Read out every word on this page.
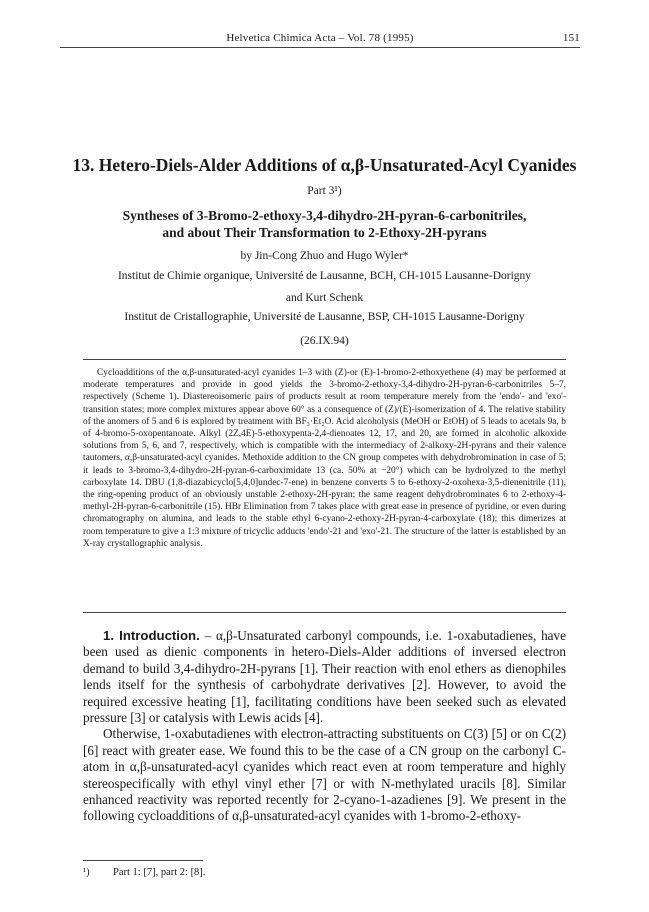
Helvetica Chimica Acta – Vol. 78 (1995)	151
13. Hetero-Diels-Alder Additions of α,β-Unsaturated-Acyl Cyanides
Part 3¹)
Syntheses of 3-Bromo-2-ethoxy-3,4-dihydro-2H-pyran-6-carbonitriles,
and about Their Transformation to 2-Ethoxy-2H-pyrans
by Jin-Cong Zhuo and Hugo Wyler*
Institut de Chimie organique, Université de Lausanne, BCH, CH-1015 Lausanne-Dorigny
and Kurt Schenk
Institut de Cristallographie, Université de Lausanne, BSP, CH-1015 Lausanne-Dorigny
(26.IX.94)
Cycloadditions of the α,β-unsaturated-acyl cyanides 1–3 with (Z)-or (E)-1-bromo-2-ethoxyethene (4) may be performed at moderate temperatures and provide in good yields the 3-bromo-2-ethoxy-3,4-dihydro-2H-pyran-6-carbonitriles 5–7, respectively (Scheme 1). Diastereoisomeric pairs of products result at room temperature merely from the 'endo'- and 'exo'-transition states; more complex mixtures appear above 60° as a consequence of (Z)/(E)-isomerization of 4. The relative stability of the anomers of 5 and 6 is explored by treatment with BF₃·Et₂O. Acid alcoholysis (MeOH or EtOH) of 5 leads to acetals 9a, b of 4-bromo-5-oxopentanoate. Alkyl (2Z,4E)-5-ethoxypenta-2,4-dienoates 12, 17, and 20, are formed in alcoholic alkoxide solutions from 5, 6, and 7, respectively, which is compatible with the intermediacy of 2-alkoxy-2H-pyrans and their valence tautomers, α,β-unsaturated-acyl cyanides. Methoxide addition to the CN group competes with dehydrobromination in case of 5; it leads to 3-bromo-3,4-dihydro-2H-pyran-6-carboximidate 13 (ca. 50% at −20°) which can be hydrolyzed to the methyl carboxylate 14. DBU (1,8-diazabicyclo[5,4,0]undec-7-ene) in benzene converts 5 to 6-ethoxy-2-oxohexa-3,5-dienenitrile (11), the ring-opening product of an obviously unstable 2-ethoxy-2H-pyran; the same reagent dehydrobrominates 6 to 2-ethoxy-4-methyl-2H-pyran-6-carbonitrile (15). HBr Elimination from 7 takes place with great ease in presence of pyridine, or even during chromatography on alumina, and leads to the stable ethyl 6-cyano-2-ethoxy-2H-pyran-4-carboxylate (18); this dimerizes at room temperature to give a 1:3 mixture of tricyclic adducts 'endo'-21 and 'exo'-21. The structure of the latter is established by an X-ray crystallographic analysis.

1. Introduction. – α,β-Unsaturated carbonyl compounds, i.e. 1-oxabutadienes, have been used as dienic components in hetero-Diels-Alder additions of inversed electron demand to build 3,4-dihydro-2H-pyrans [1]. Their reaction with enol ethers as dienophiles lends itself for the synthesis of carbohydrate derivatives [2]. However, to avoid the required excessive heating [1], facilitating conditions have been seeked such as elevated pressure [3] or catalysis with Lewis acids [4].

Otherwise, 1-oxabutadienes with electron-attracting substituents on C(3) [5] or on C(2) [6] react with greater ease. We found this to be the case of a CN group on the carbonyl C-atom in α,β-unsaturated-acyl cyanides which react even at room temperature and highly stereospecifically with ethyl vinyl ether [7] or with N-methylated uracils [8]. Similar enhanced reactivity was reported recently for 2-cyano-1-azadienes [9]. We present in the following cycloadditions of α,β-unsaturated-acyl cyanides with 1-bromo-2-ethoxy-

¹) Part 1: [7], part 2: [8].
